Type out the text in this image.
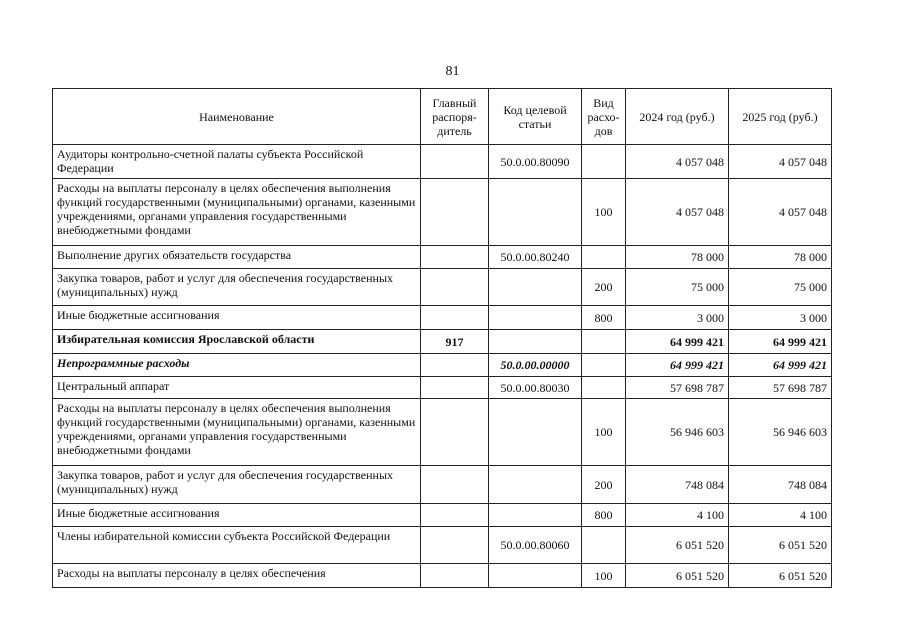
81
Наименование	Главный распоря-дитель	Код целевой статьи	Вид расхо-дов	2024 год (руб.)	2025 год (руб.)
Аудиторы контрольно-счетной палаты субъекта Российской Федерации		50.0.00.80090		4 057 048	4 057 048
Расходы на выплаты персоналу в целях обеспечения выполнения функций государственными (муниципальными) органами, казенными учреждениями, органами управления государственными внебюджетными фондами			100	4 057 048	4 057 048
Выполнение других обязательств государства		50.0.00.80240		78 000	78 000
Закупка товаров, работ и услуг для обеспечения государственных (муниципальных) нужд			200	75 000	75 000
Иные бюджетные ассигнования			800	3 000	3 000
Избирательная комиссия Ярославской области	917			64 999 421	64 999 421
Непрограммные расходы		50.0.00.00000		64 999 421	64 999 421
Центральный аппарат		50.0.00.80030		57 698 787	57 698 787
Расходы на выплаты персоналу в целях обеспечения выполнения функций государственными (муниципальными) органами, казенными учреждениями, органами управления государственными внебюджетными фондами			100	56 946 603	56 946 603
Закупка товаров, работ и услуг для обеспечения государственных (муниципальных) нужд			200	748 084	748 084
Иные бюджетные ассигнования			800	4 100	4 100
Члены избирательной комиссии субъекта Российской Федерации		50.0.00.80060		6 051 520	6 051 520
Расходы на выплаты персоналу в целях обеспечения			100	6 051 520	6 051 520
